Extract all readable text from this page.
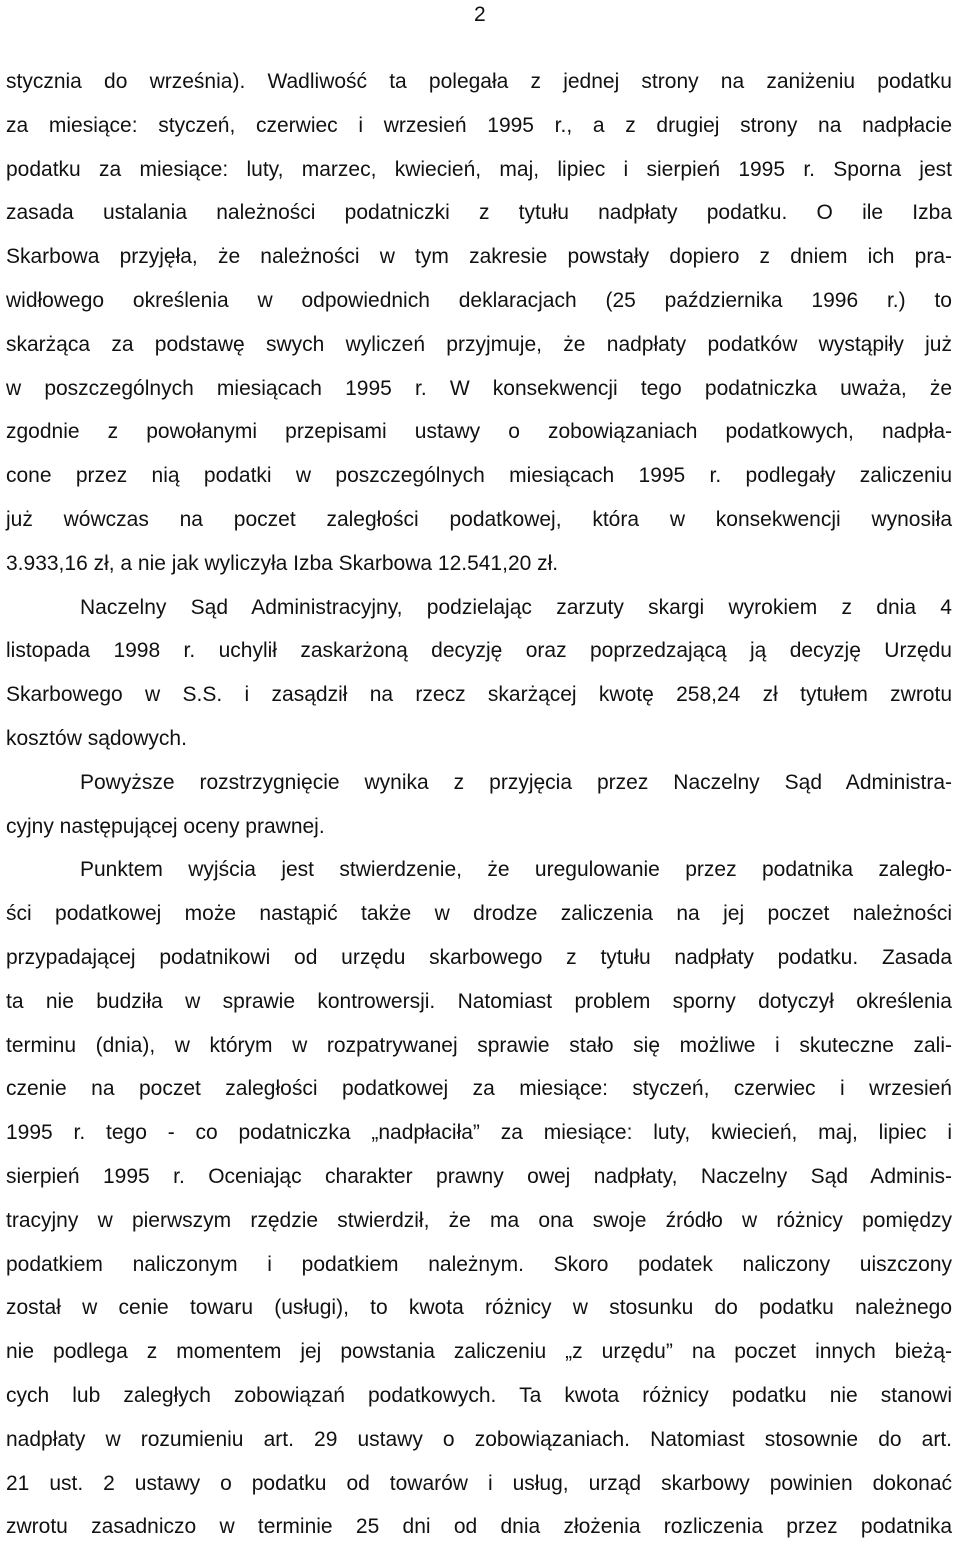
2
stycznia do września). Wadliwość ta polegała z jednej strony na zaniżeniu podatku
za miesiące: styczeń, czerwiec i wrzesień 1995 r., a z drugiej strony na nadpłacie
podatku za miesiące: luty, marzec, kwiecień, maj, lipiec i sierpień 1995 r. Sporna jest
zasada ustalania należności podatniczki z tytułu nadpłaty podatku. O ile Izba
Skarbowa przyjęła, że należności w tym zakresie powstały dopiero z dniem ich pra-
widłowego określenia w odpowiednich deklaracjach (25 października 1996 r.) to
skarżąca za podstawę swych wyliczeń przyjmuje, że nadpłaty podatków wystąpiły już
w poszczególnych miesiącach 1995 r. W konsekwencji tego podatniczka uważa, że
zgodnie z powołanymi przepisami ustawy o zobowiązaniach podatkowych, nadpła-
cone przez nią podatki w poszczególnych miesiącach 1995 r. podlegały zaliczeniu
już wówczas na poczet zaległości podatkowej, która w konsekwencji wynosiła
3.933,16 zł, a nie jak wyliczyła Izba Skarbowa 12.541,20 zł.
Naczelny Sąd Administracyjny, podzielając zarzuty skargi wyrokiem z dnia 4
listopada 1998 r. uchylił zaskarżoną decyzję oraz poprzedzającą ją decyzję Urzędu
Skarbowego w S.S. i zasądził na rzecz skarżącej kwotę 258,24 zł tytułem zwrotu
kosztów sądowych.
Powyższe rozstrzygnięcie wynika z przyjęcia przez Naczelny Sąd Administra-
cyjny następującej oceny prawnej.
Punktem wyjścia jest stwierdzenie, że uregulowanie przez podatnika zaległo-
ści podatkowej może nastąpić także w drodze zaliczenia na jej poczet należności
przypadającej podatnikowi od urzędu skarbowego z tytułu nadpłaty podatku. Zasada
ta nie budziła w sprawie kontrowersji. Natomiast problem sporny dotyczył określenia
terminu (dnia), w którym w rozpatrywanej sprawie stało się możliwe i skuteczne zali-
czenie na poczet zaległości podatkowej za miesiące: styczeń, czerwiec i wrzesień
1995 r. tego - co podatniczka „nadpłaciła” za miesiące: luty, kwiecień, maj, lipiec i
sierpień 1995 r. Oceniając charakter prawny owej nadpłaty, Naczelny Sąd Adminis-
tracyjny w pierwszym rzędzie stwierdził, że ma ona swoje źródło w różnicy pomiędzy
podatkiem naliczonym i podatkiem należnym. Skoro podatek naliczony uiszczony
został w cenie towaru (usługi), to kwota różnicy w stosunku do podatku należnego
nie podlega z momentem jej powstania zaliczeniu „z urzędu” na poczet innych bieżą-
cych lub zaległych zobowiązań podatkowych. Ta kwota różnicy podatku nie stanowi
nadpłaty w rozumieniu art. 29 ustawy o zobowiązaniach. Natomiast stosownie do art.
21 ust. 2 ustawy o podatku od towarów i usług, urząd skarbowy powinien dokonać
zwrotu zasadniczo w terminie 25 dni od dnia złożenia rozliczenia przez podatnika
